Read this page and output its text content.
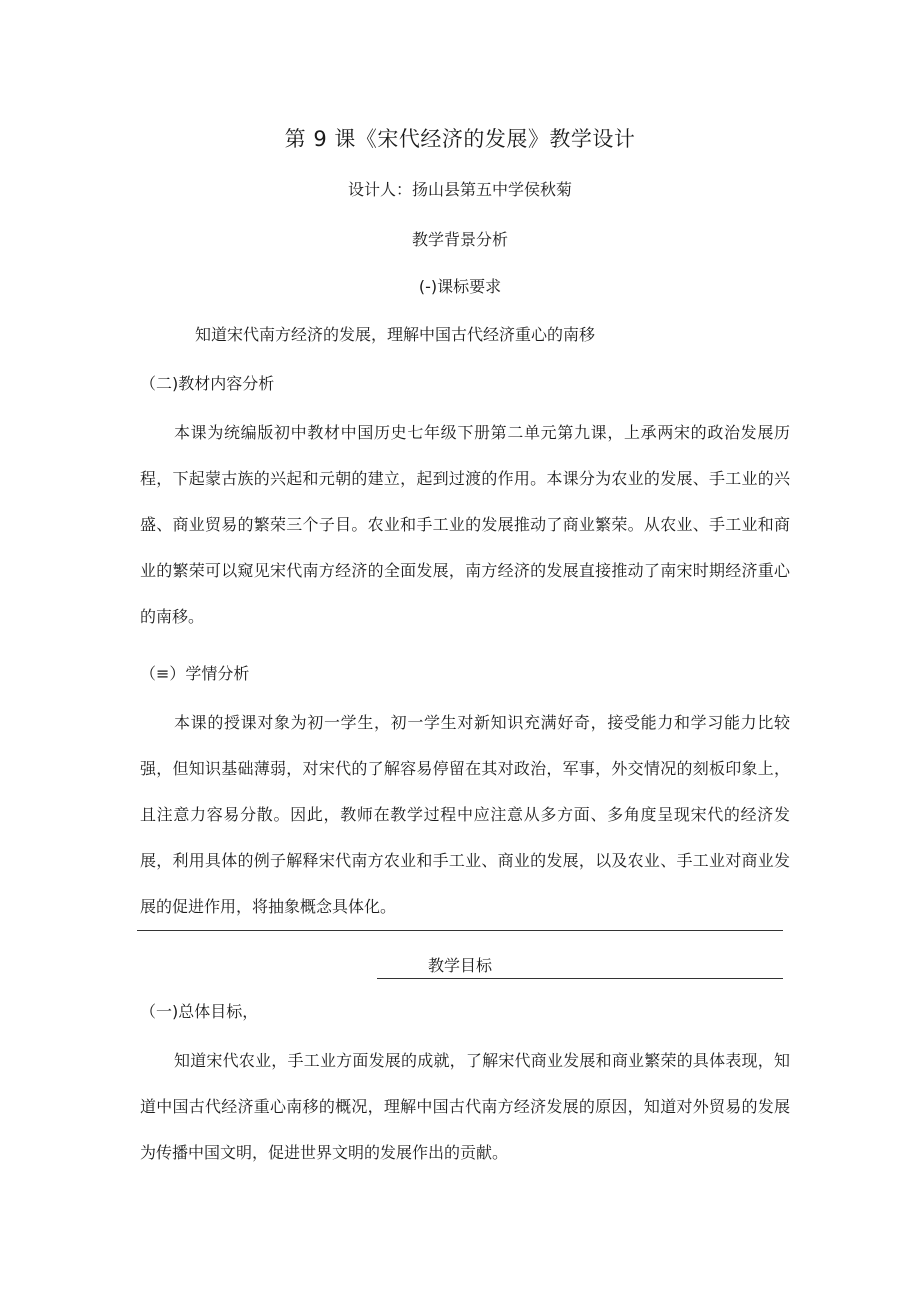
第 9 课《宋代经济的发展》教学设计
设计人：扬山县第五中学侯秋菊
教学背景分析
(-)课标要求
知道宋代南方经济的发展，理解中国古代经济重心的南移
（二)教材内容分析
本课为统编版初中教材中国历史七年级下册第二单元第九课，上承两宋的政治发展历程，下起蒙古族的兴起和元朝的建立，起到过渡的作用。本课分为农业的发展、手工业的兴盛、商业贸易的繁荣三个子目。农业和手工业的发展推动了商业繁荣。从农业、手工业和商业的繁荣可以窥见宋代南方经济的全面发展，南方经济的发展直接推动了南宋时期经济重心的南移。
（≡）学情分析
本课的授课对象为初一学生，初一学生对新知识充满好奇，接受能力和学习能力比较强，但知识基础薄弱，对宋代的了解容易停留在其对政治，军事，外交情况的刻板印象上，且注意力容易分散。因此，教师在教学过程中应注意从多方面、多角度呈现宋代的经济发展，利用具体的例子解释宋代南方农业和手工业、商业的发展，以及农业、手工业对商业发展的促进作用，将抽象概念具体化。
教学目标
（一)总体目标，
知道宋代农业，手工业方面发展的成就，了解宋代商业发展和商业繁荣的具体表现，知道中国古代经济重心南移的概况，理解中国古代南方经济发展的原因，知道对外贸易的发展为传播中国文明，促进世界文明的发展作出的贡献。
